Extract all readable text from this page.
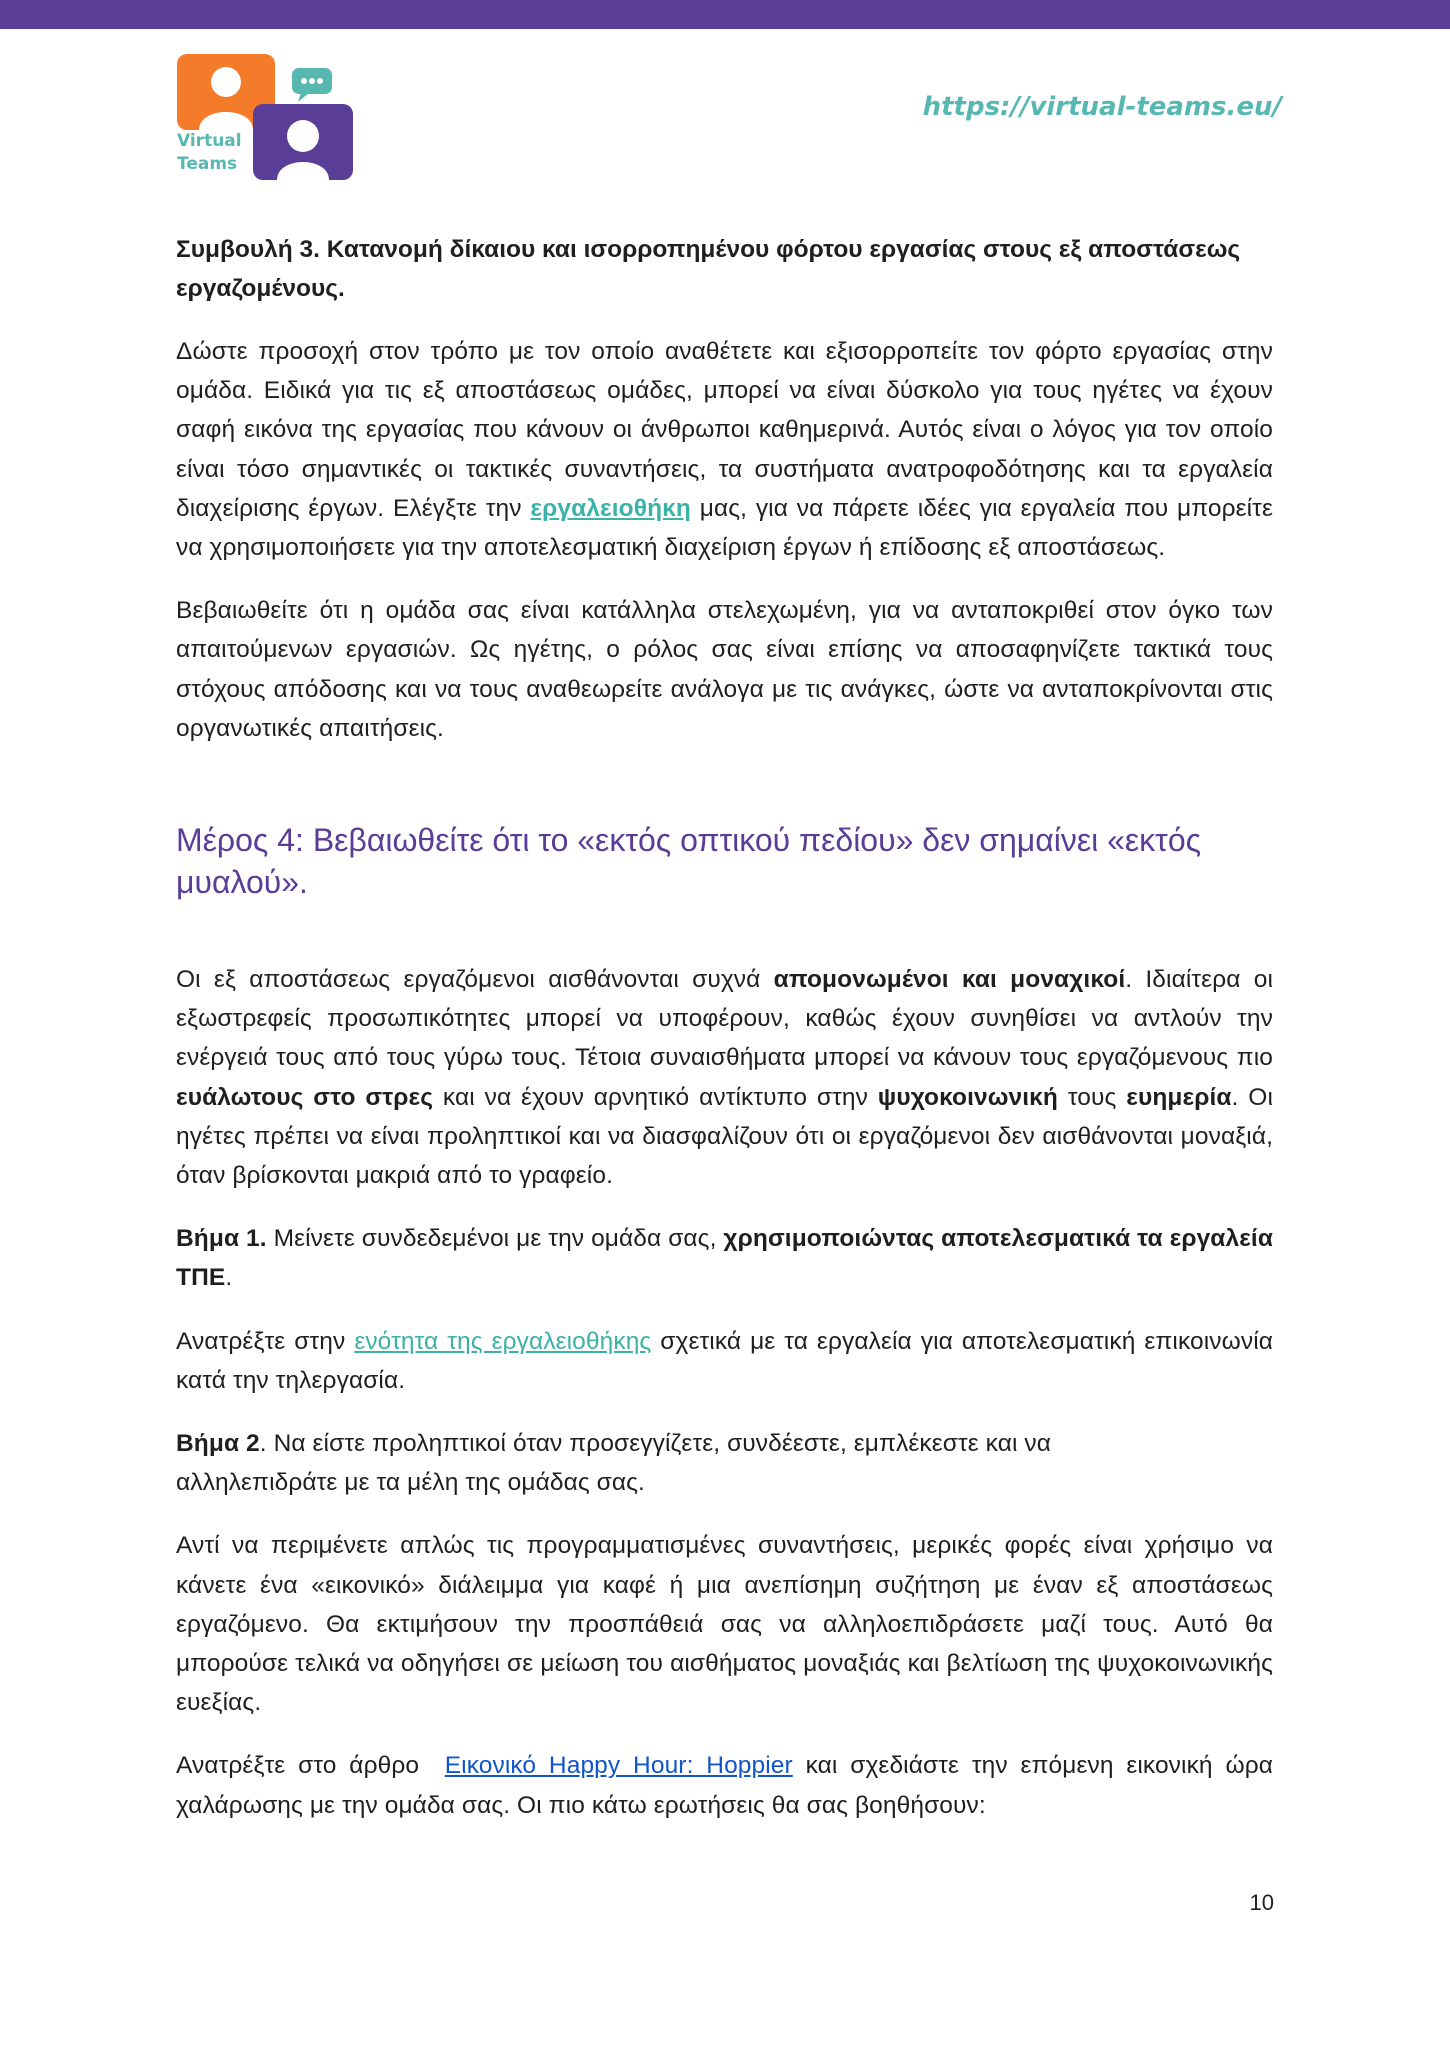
Virtual
Teams
https://virtual-teams.eu/

Συμβουλή 3. Κατανομή δίκαιου και ισορροπημένου φόρτου εργασίας στους εξ αποστάσεως εργαζομένους.

Δώστε προσοχή στον τρόπο με τον οποίο αναθέτετε και εξισορροπείτε τον φόρτο εργασίας στην ομάδα. Ειδικά για τις εξ αποστάσεως ομάδες, μπορεί να είναι δύσκολο για τους ηγέτες να έχουν σαφή εικόνα της εργασίας που κάνουν οι άνθρωποι καθημερινά. Αυτός είναι ο λόγος για τον οποίο είναι τόσο σημαντικές οι τακτικές συναντήσεις, τα συστήματα ανατροφοδότησης και τα εργαλεία διαχείρισης έργων. Ελέγξτε την εργαλειοθήκη μας, για να πάρετε ιδέες για εργαλεία που μπορείτε να χρησιμοποιήσετε για την αποτελεσματική διαχείριση έργων ή επίδοσης εξ αποστάσεως.

Βεβαιωθείτε ότι η ομάδα σας είναι κατάλληλα στελεχωμένη, για να ανταποκριθεί στον όγκο των απαιτούμενων εργασιών. Ως ηγέτης, ο ρόλος σας είναι επίσης να αποσαφηνίζετε τακτικά τους στόχους απόδοσης και να τους αναθεωρείτε ανάλογα με τις ανάγκες, ώστε να ανταποκρίνονται στις οργανωτικές απαιτήσεις.

Μέρος 4: Βεβαιωθείτε ότι το «εκτός οπτικού πεδίου» δεν σημαίνει «εκτός μυαλού».

Οι εξ αποστάσεως εργαζόμενοι αισθάνονται συχνά απομονωμένοι και μοναχικοί. Ιδιαίτερα οι εξωστρεφείς προσωπικότητες μπορεί να υποφέρουν, καθώς έχουν συνηθίσει να αντλούν την ενέργειά τους από τους γύρω τους. Τέτοια συναισθήματα μπορεί να κάνουν τους εργαζόμενους πιο ευάλωτους στο στρες και να έχουν αρνητικό αντίκτυπο στην ψυχοκοινωνική τους ευημερία. Οι ηγέτες πρέπει να είναι προληπτικοί και να διασφαλίζουν ότι οι εργαζόμενοι δεν αισθάνονται μοναξιά, όταν βρίσκονται μακριά από το γραφείο.

Βήμα 1. Μείνετε συνδεδεμένοι με την ομάδα σας, χρησιμοποιώντας αποτελεσματικά τα εργαλεία ΤΠΕ.

Ανατρέξτε στην ενότητα της εργαλειοθήκης σχετικά με τα εργαλεία για αποτελεσματική επικοινωνία κατά την τηλεργασία.

Βήμα 2. Να είστε προληπτικοί όταν προσεγγίζετε, συνδέεστε, εμπλέκεστε και να αλληλεπιδράτε με τα μέλη της ομάδας σας.

Αντί να περιμένετε απλώς τις προγραμματισμένες συναντήσεις, μερικές φορές είναι χρήσιμο να κάνετε ένα «εικονικό» διάλειμμα για καφέ ή μια ανεπίσημη συζήτηση με έναν εξ αποστάσεως εργαζόμενο. Θα εκτιμήσουν την προσπάθειά σας να αλληλοεπιδράσετε μαζί τους. Αυτό θα μπορούσε τελικά να οδηγήσει σε μείωση του αισθήματος μοναξιάς και βελτίωση της ψυχοκοινωνικής ευεξίας.

Ανατρέξτε στο άρθρο  Εικονικό Happy Hour: Hoppier και σχεδιάστε την επόμενη εικονική ώρα χαλάρωσης με την ομάδα σας. Οι πιο κάτω ερωτήσεις θα σας βοηθήσουν:

10
